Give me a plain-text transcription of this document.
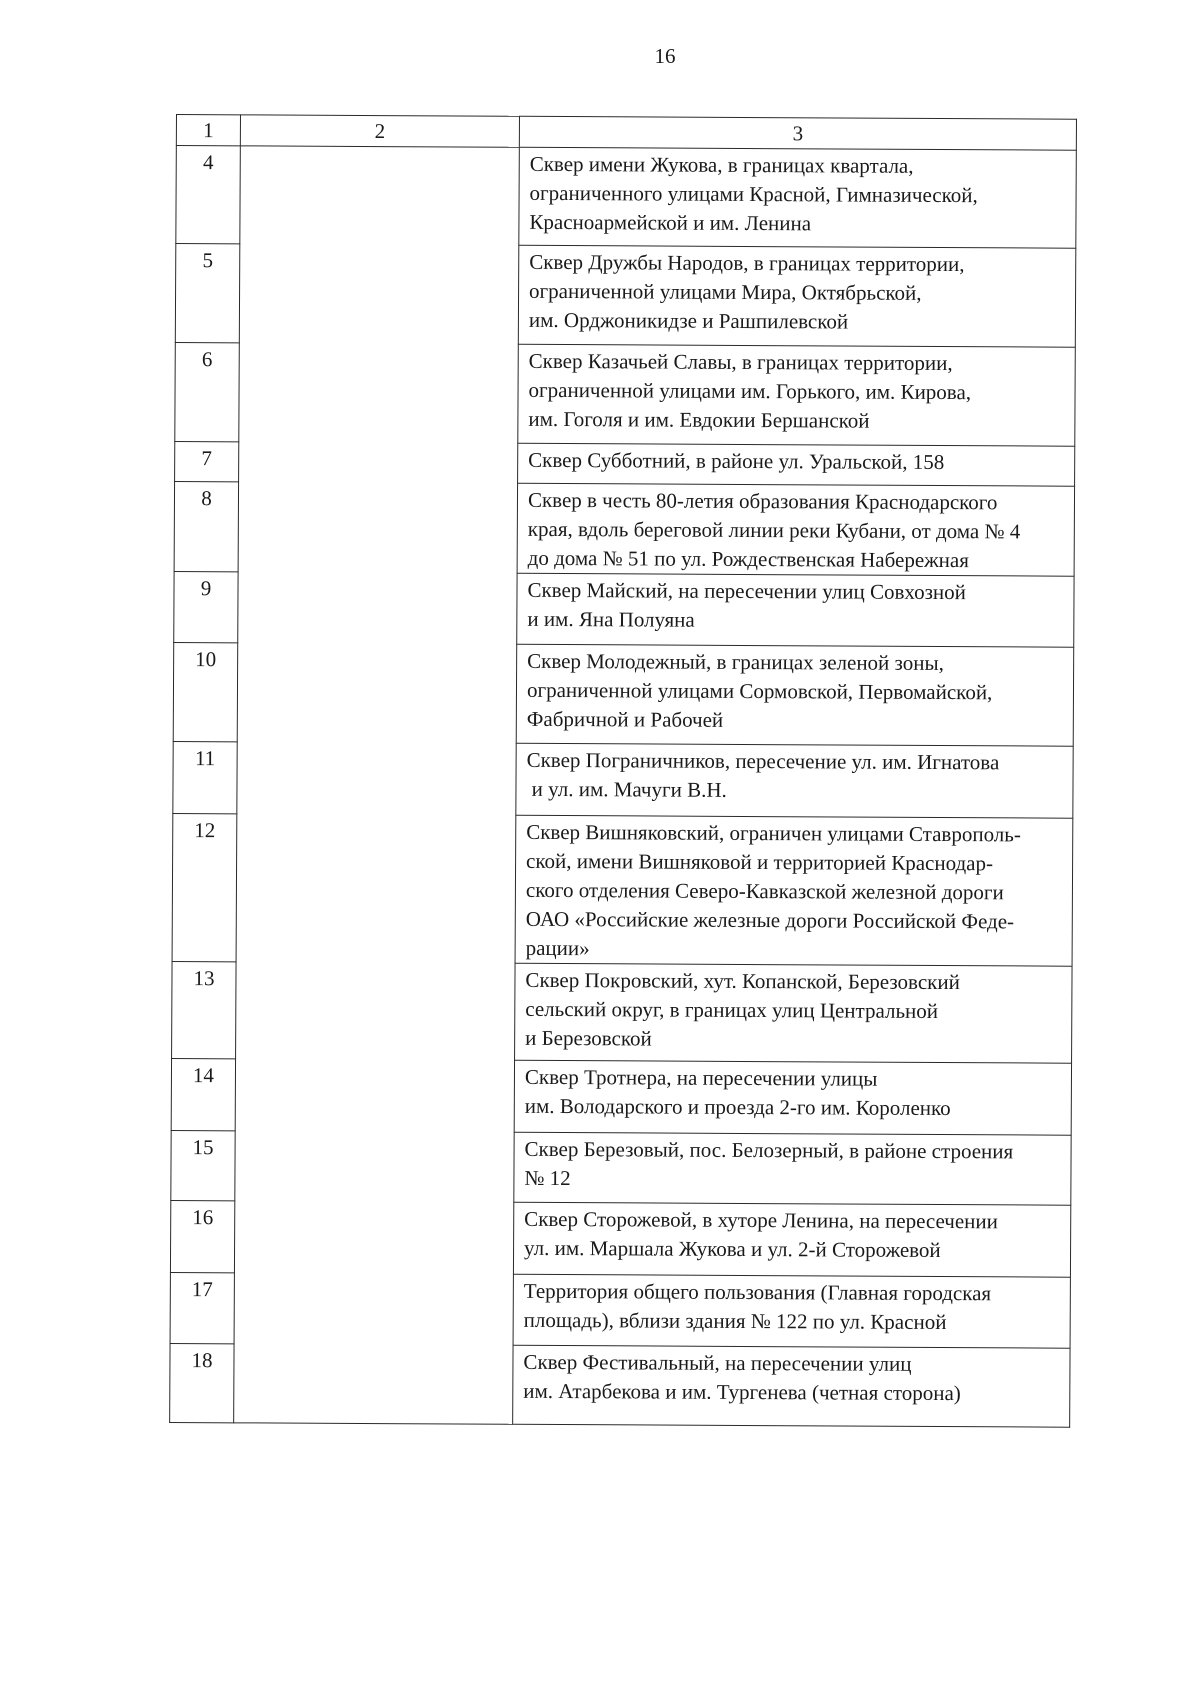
16
1	2	3
4		Сквер имени Жукова, в границах квартала,
ограниченного улицами Красной, Гимназической,
Красноармейской и им. Ленина

5		Сквер Дружбы Народов, в границах территории,
ограниченной улицами Мира, Октябрьской,
им. Орджоникидзе и Рашпилевской

6		Сквер Казачьей Славы, в границах территории,
ограниченной улицами им. Горького, им. Кирова,
им. Гоголя и им. Евдокии Бершанской

7		Сквер Субботний, в районе ул. Уральской, 158

8		Сквер в честь 80-летия образования Краснодарского
края, вдоль береговой линии реки Кубани, от дома № 4
до дома № 51 по ул. Рождественская Набережная

9		Сквер Майский, на пересечении улиц Совхозной
и им. Яна Полуяна

10		Сквер Молодежный, в границах зеленой зоны,
ограниченной улицами Сормовской, Первомайской,
Фабричной и Рабочей

11		Сквер Пограничников, пересечение ул. им. Игнатова
и ул. им. Мачуги В.Н.

12		Сквер Вишняковский, ограничен улицами Ставрополь-
ской, имени Вишняковой и территорией Краснодар-
ского отделения Северо-Кавказской железной дороги
ОАО «Российские железные дороги Российской Феде-
рации»

13		Сквер Покровский, хут. Копанской, Березовский
сельский округ, в границах улиц Центральной
и Березовской

14		Сквер Тротнера, на пересечении улицы
им. Володарского и проезда 2-го им. Короленко

15		Сквер Березовый, пос. Белозерный, в районе строения
№ 12

16		Сквер Сторожевой, в хуторе Ленина, на пересечении
ул. им. Маршала Жукова и ул. 2-й Сторожевой

17		Территория общего пользования (Главная городская
площадь), вблизи здания № 122 по ул. Красной

18		Сквер Фестивальный, на пересечении улиц
им. Атарбекова и им. Тургенева (четная сторона)
